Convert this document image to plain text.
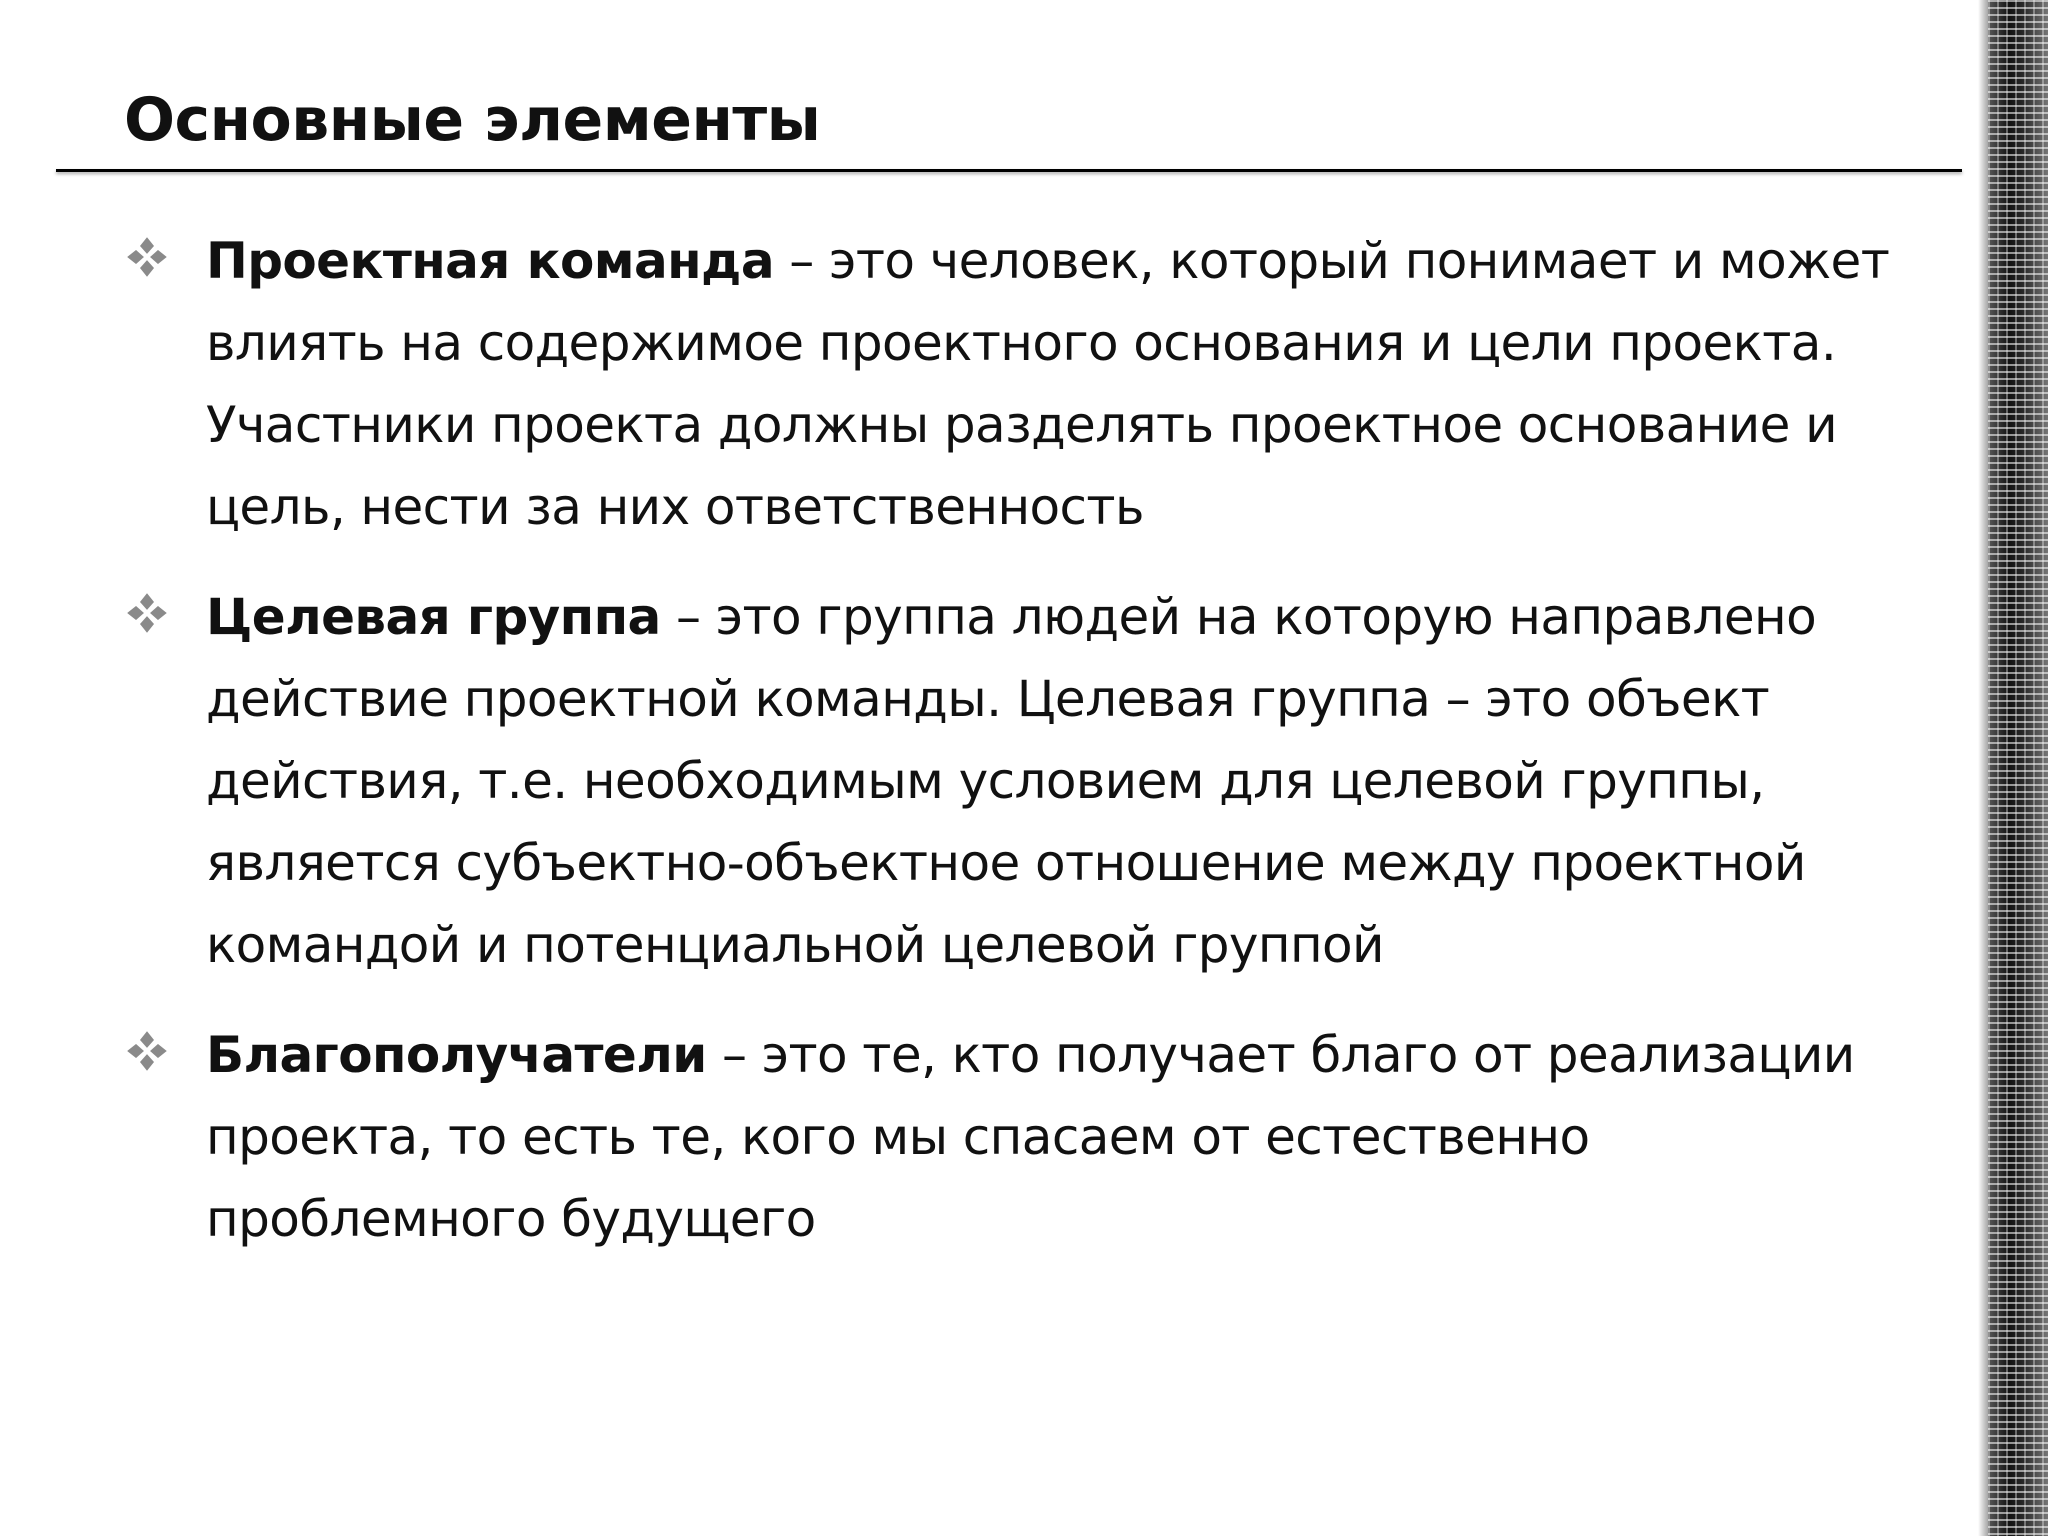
Основные элементы
Проектная команда – это человек, который понимает и может влиять на содержимое проектного основания и цели проекта. Участники проекта должны разделять проектное основание и цель, нести за них ответственность
Целевая группа – это группа людей на которую направлено действие проектной команды. Целевая группа – это объект действия, т.е. необходимым условием для целевой группы, является субъектно-объектное отношение между проектной командой и потенциальной целевой группой
Благополучатели – это те, кто получает благо от реализации проекта, то есть те, кого мы спасаем от естественно проблемного будущего
